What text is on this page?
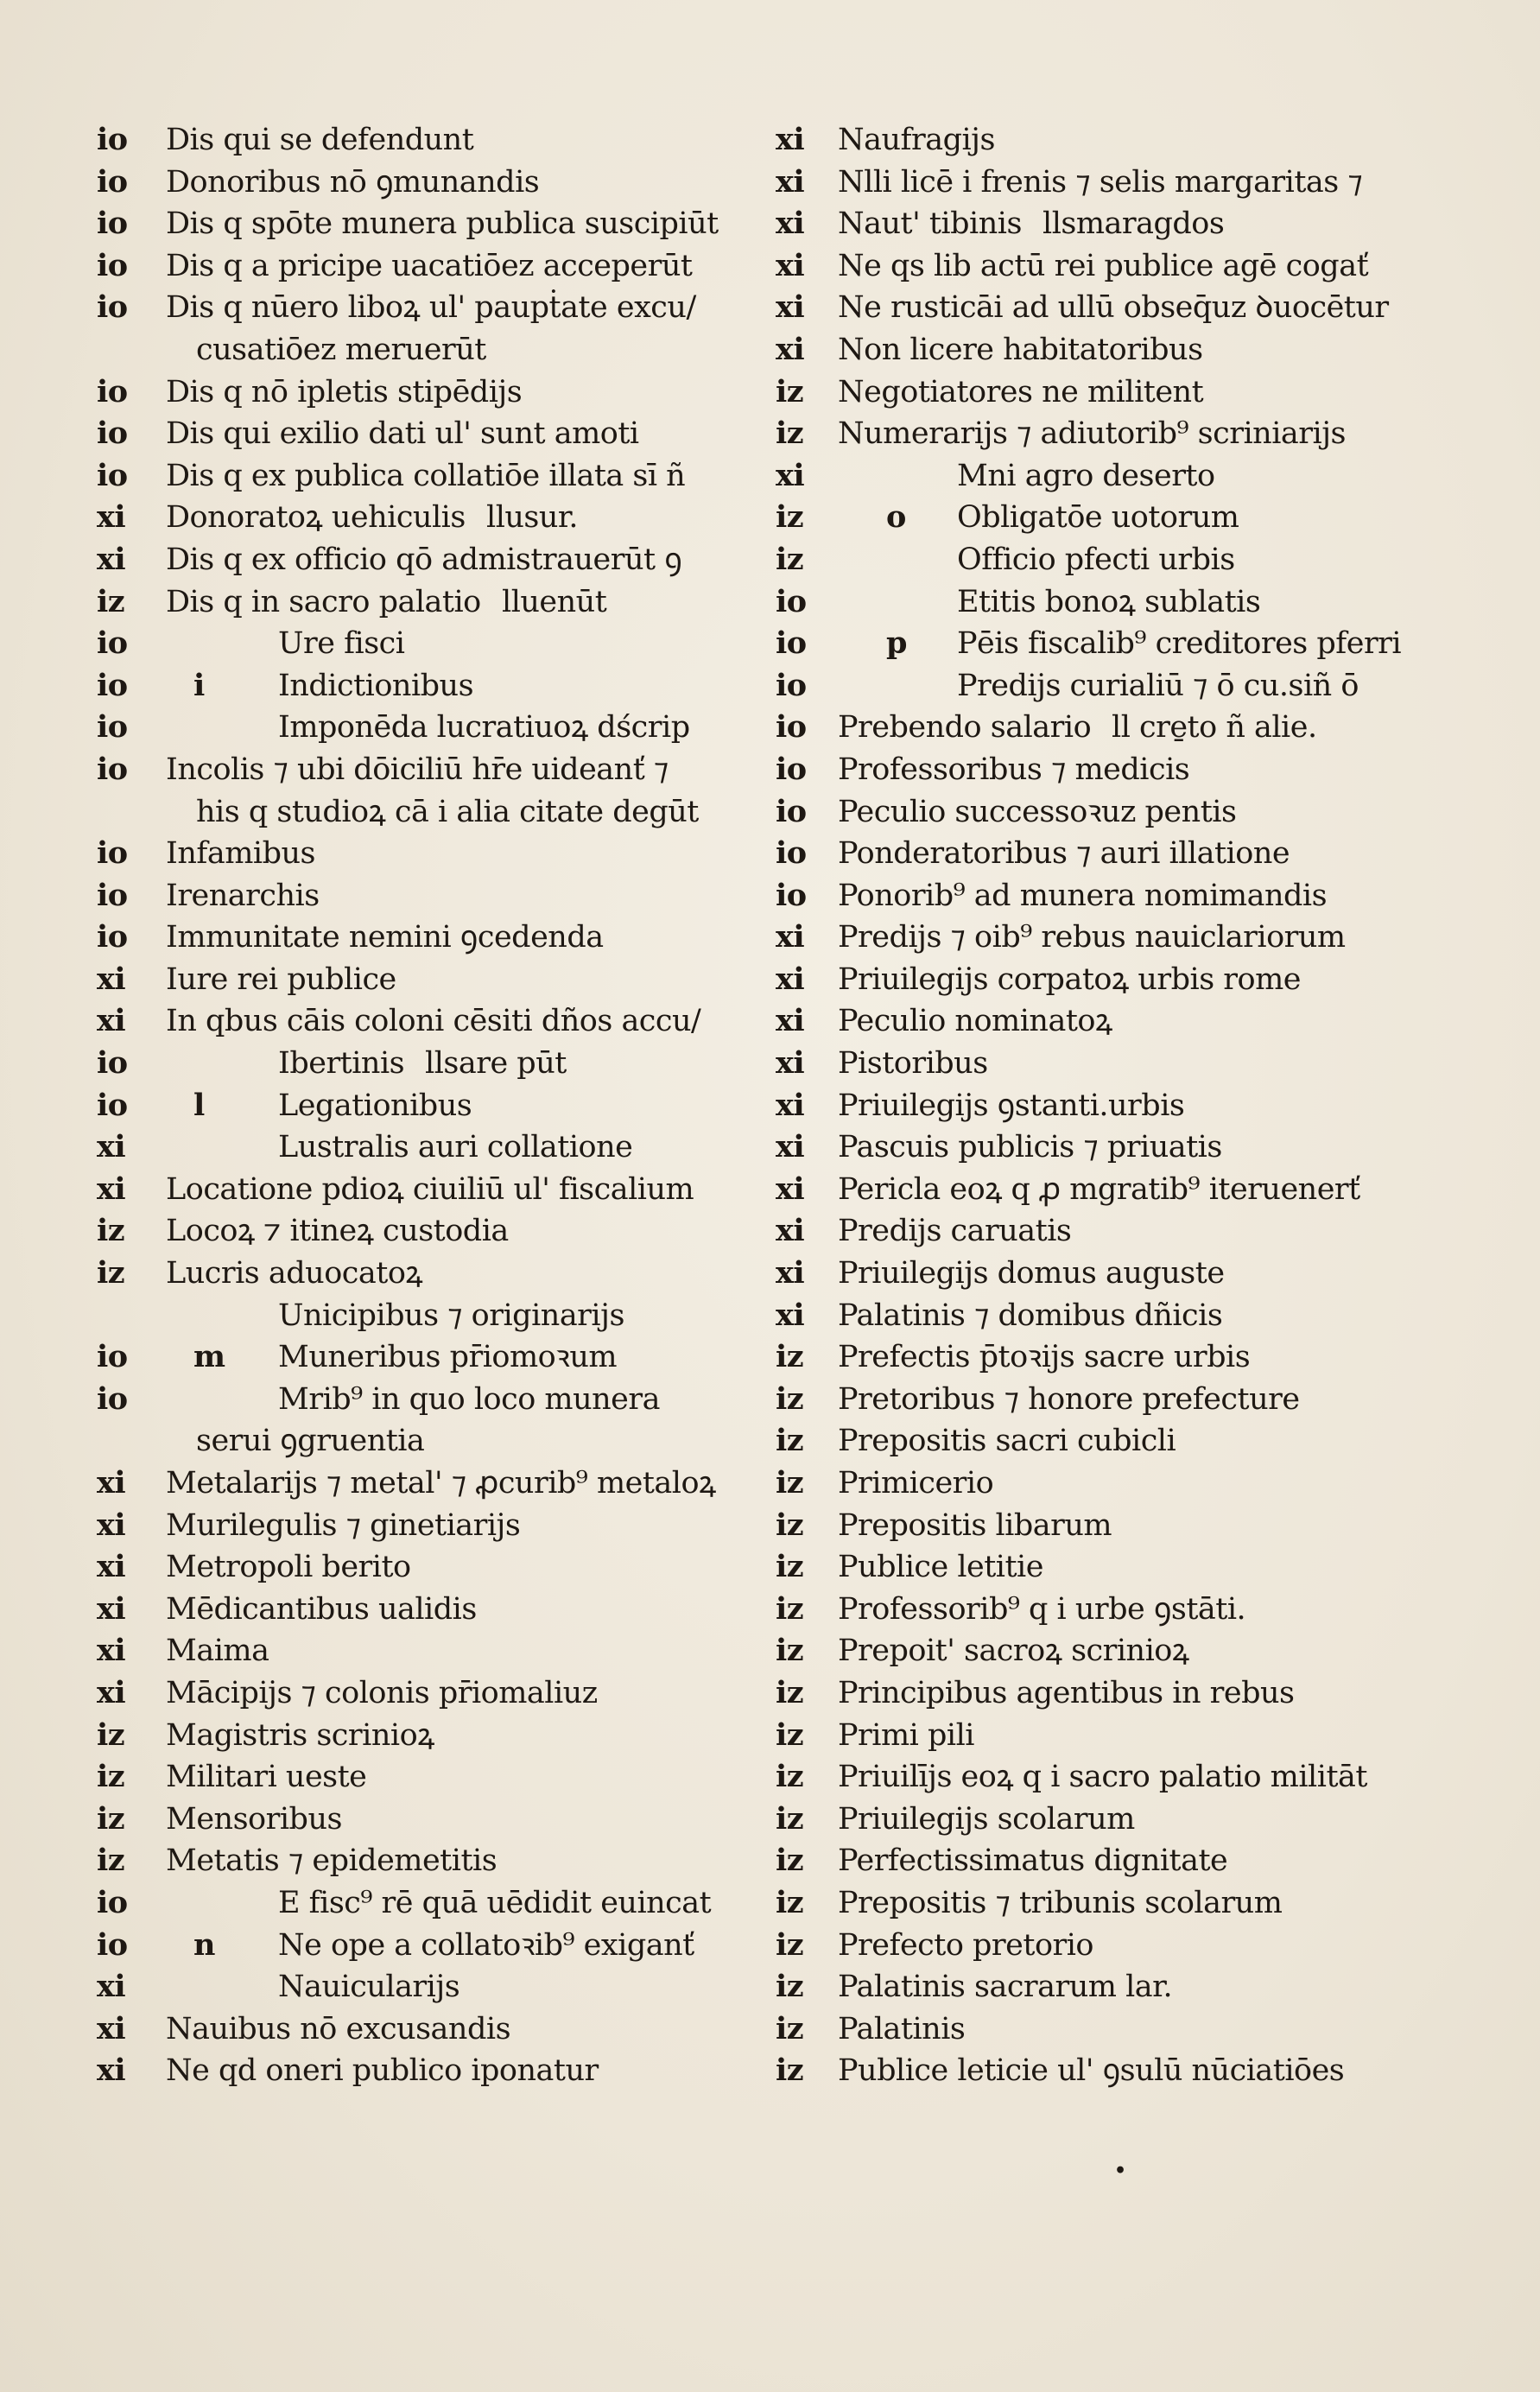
io	Dis qui se defendunt
io	Donoribus nō ꝯmunandis
io	Dis q spōte munera publica suscipiūt
io	Dis q a pricipe uacatiōez acceperūt
io	Dis q nūero liboꝝ ul' paupṫate excu/
cusatiōez meruerūt
io	Dis q nō ipletis stipēdijs
io	Dis qui exilio dati ul' sunt amoti
io	Dis q ex publica collatiōe illata sī ñ
xi	Donoratoꝝ uehiculis llusur.
xi	Dis q ex officio qō admistrauerūt ꝯ
iz	Dis q in sacro palatio lluenūt
io	Ure fisci
io	i Indictionibus
io	Imponēda lucratiuoꝝ dścrip
io	Incolis ⁊ ubi dōiciliū hr̄e uideanť ⁊
his q studioꝝ cā i alia citate degūt
io	Infamibus
io	Irenarchis
io	Immunitate nemini ꝯcedenda
xi	Iure rei publice
xi	In qbus cāis coloni cēsiti dños accu/
io	Ibertinis llsare pūt
io	l Legationibus
xi	Lustralis auri collatione
xi	Locatione pdioꝝ ciuiliū ul' fiscalium
iz	Locoꝝ ⁊ itineꝝ custodia
iz	Lucris aduocatoꝝ
Unicipibus ⁊ originarijs
io	m Muneribus pr̄iomoꝛum
io	Mrib⁹ in quo loco munera
serui ꝯgruentia
xi	Metalarijs ⁊ metal' ⁊ ꝓcurib⁹ metaloꝝ
xi	Murilegulis ⁊ ginetiarijs
xi	Metropoli berito
xi	Mēdicantibus ualidis
xi	Maima
xi	Mācipijs ⁊ colonis pr̄iomaliuz
iz	Magistris scrinioꝝ
iz	Militari ueste
iz	Mensoribus
iz	Metatis ⁊ epidemetitis
io	E fisc⁹ rē quā uēdidit euincat
io	n Ne ope a collatoꝛib⁹ exiganť
xi	Nauicularijs
xi	Nauibus nō excusandis
xi	Ne qd oneri publico iponatur
xi	Naufragijs
xi	Nlli licē i frenis ⁊ selis margaritas ⁊
xi	Naut' tibinis llsmaragdos
xi	Ne qs lib actū rei publice agē cogať
xi	Ne rusticāi ad ullū obseq̄uz ꝺuocētur
xi	Non licere habitatoribus
iz	Negotiatores ne militent
iz	Numerarijs ⁊ adiutorib⁹ scriniarijs
xi	Mni agro deserto
iz	o Obligatōe uotorum
iz	Officio pfecti urbis
io	Etitis bonoꝝ sublatis
io	p Pēis fiscalib⁹ creditores pferri
io	Predijs curialiū ⁊ ō cu.siñ ō
io	Prebendo salario ll cre̱to ñ alie.
io	Professoribus ⁊ medicis
io	Peculio successoꝛuz pentis
io	Ponderatoribus ⁊ auri illatione
io	Ponorib⁹ ad munera nomimandis
xi	Predijs ⁊ oib⁹ rebus nauiclariorum
xi	Priuilegijs corpatoꝝ urbis rome
xi	Peculio nominatoꝝ
xi	Pistoribus
xi	Priuilegijs ꝯstanti.urbis
xi	Pascuis publicis ⁊ priuatis
xi	Pericla eoꝝ q ꝓ mgratib⁹ iteruenerť
xi	Predijs caruatis
xi	Priuilegijs domus auguste
xi	Palatinis ⁊ domibus dñicis
iz	Prefectis p̄toꝛijs sacre urbis
iz	Pretoribus ⁊ honore prefecture
iz	Prepositis sacri cubicli
iz	Primicerio
iz	Prepositis libarum
iz	Publice letitie
iz	Professorib⁹ q i urbe ꝯstāti.
iz	Prepoit' sacroꝝ scrinioꝝ
iz	Principibus agentibus in rebus
iz	Primi pili
iz	Priuilījs eoꝝ q i sacro palatio militāt
iz	Priuilegijs scolarum
iz	Perfectissimatus dignitate
iz	Prepositis ⁊ tribunis scolarum
iz	Prefecto pretorio
iz	Palatinis sacrarum lar.
iz	Palatinis
iz	Publice leticie ul' ꝯsulū nūciatiōes
•
